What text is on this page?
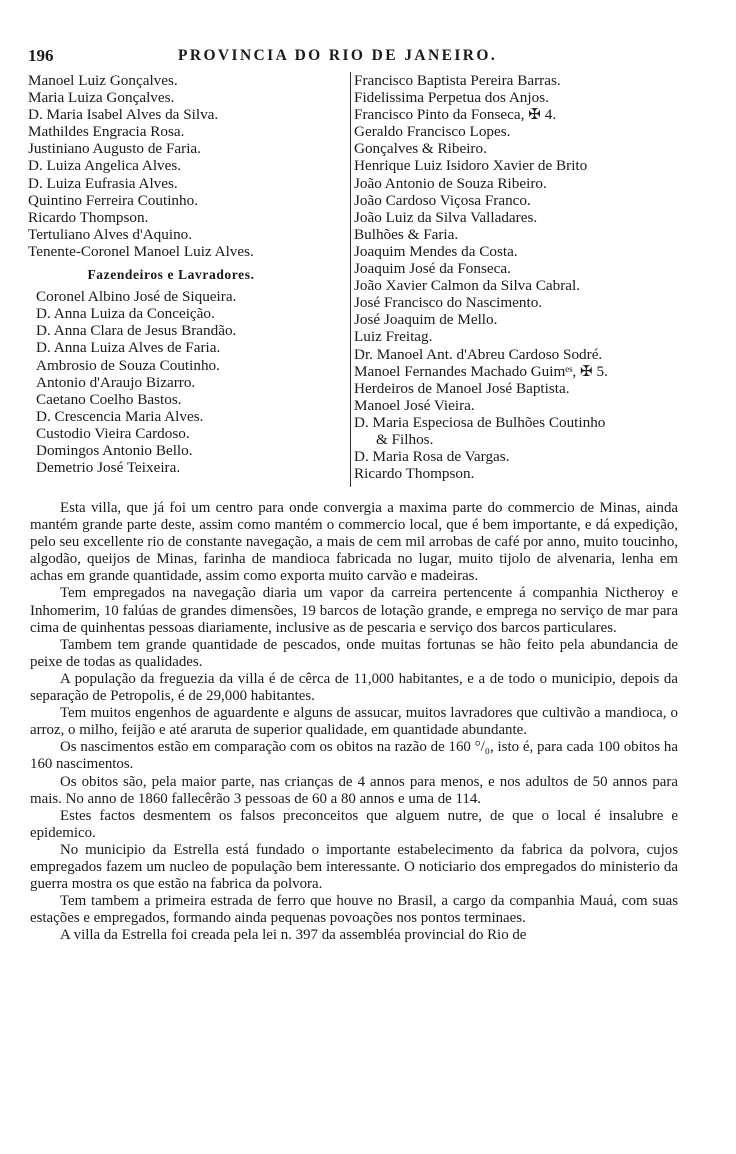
196	PROVINCIA DO RIO DE JANEIRO.
Manoel Luiz Gonçalves.
Maria Luiza Gonçalves.
D. Maria Isabel Alves da Silva.
Mathildes Engracia Rosa.
Justiniano Augusto de Faria.
D. Luiza Angelica Alves.
D. Luiza Eufrasia Alves.
Quintino Ferreira Coutinho.
Ricardo Thompson.
Tertuliano Alves d'Aquino.
Tenente-Coronel Manoel Luiz Alves.
Fazendeiros e Lavradores.
Coronel Albino José de Siqueira.
D. Anna Luiza da Conceição.
D. Anna Clara de Jesus Brandão.
D. Anna Luiza Alves de Faria.
Ambrosio de Souza Coutinho.
Antonio d'Araujo Bizarro.
Caetano Coelho Bastos.
D. Crescencia Maria Alves.
Custodio Vieira Cardoso.
Domingos Antonio Bello.
Demetrio José Teixeira.
Francisco Baptista Pereira Barras.
Fidelissima Perpetua dos Anjos.
Francisco Pinto da Fonseca, ✠ 4.
Geraldo Francisco Lopes.
Gonçalves & Ribeiro.
Henrique Luiz Isidoro Xavier de Brito
João Antonio de Souza Ribeiro.
João Cardoso Viçosa Franco.
João Luiz da Silva Valladares.
Bulhões & Faria.
Joaquim Mendes da Costa.
Joaquim José da Fonseca.
João Xavier Calmon da Silva Cabral.
José Francisco do Nascimento.
José Joaquim de Mello.
Luiz Freitag.
Dr. Manoel Ant. d'Abreu Cardoso Sodré.
Manoel Fernandes Machado Guimᵉˢ, ✠ 5.
Herdeiros de Manoel José Baptista.
Manoel José Vieira.
D. Maria Especiosa de Bulhões Coutinho
& Filhos.
D. Maria Rosa de Vargas.
Ricardo Thompson.

Esta villa, que já foi um centro para onde convergia a maxima parte do commercio de Minas, ainda mantém grande parte deste, assim como mantém o commercio local, que é bem importante, e dá expedição, pelo seu excellente rio de constante navegação, a mais de cem mil arrobas de café por anno, muito toucinho, algodão, queijos de Minas, farinha de mandioca fabricada no lugar, muito tijolo de alvenaria, lenha em achas em grande quantidade, assim como exporta muito carvão e madeiras.

Tem empregados na navegação diaria um vapor da carreira pertencente á companhia Nictheroy e Inhomerim, 10 falúas de grandes dimensões, 19 barcos de lotação grande, e emprega no serviço de mar para cima de quinhentas pessoas diariamente, inclusive as de pescaria e serviço dos barcos particulares.

Tambem tem grande quantidade de pescados, onde muitas fortunas se hão feito pela abundancia de peixe de todas as qualidades.

A população da freguezia da villa é de cêrca de 11,000 habitantes, e a de todo o municipio, depois da separação de Petropolis, é de 29,000 habitantes.

Tem muitos engenhos de aguardente e alguns de assucar, muitos lavradores que cultivão a mandioca, o arroz, o milho, feijão e até araruta de superior qualidade, em quantidade abundante.

Os nascimentos estão em comparação com os obitos na razão de 160 °/₀, isto é, para cada 100 obitos ha 160 nascimentos.

Os obitos são, pela maior parte, nas crianças de 4 annos para menos, e nos adultos de 50 annos para mais. No anno de 1860 fallecêrão 3 pessoas de 60 a 80 annos e uma de 114.

Estes factos desmentem os falsos preconceitos que alguem nutre, de que o local é insalubre e epidemico.

No municipio da Estrella está fundado o importante estabelecimento da fabrica da polvora, cujos empregados fazem um nucleo de população bem interessante. O noticiario dos empregados do ministerio da guerra mostra os que estão na fabrica da polvora.

Tem tambem a primeira estrada de ferro que houve no Brasil, a cargo da companhia Mauá, com suas estações e empregados, formando ainda pequenas povoações nos pontos terminaes.

A villa da Estrella foi creada pela lei n. 397 da assembléa provincial do Rio de
